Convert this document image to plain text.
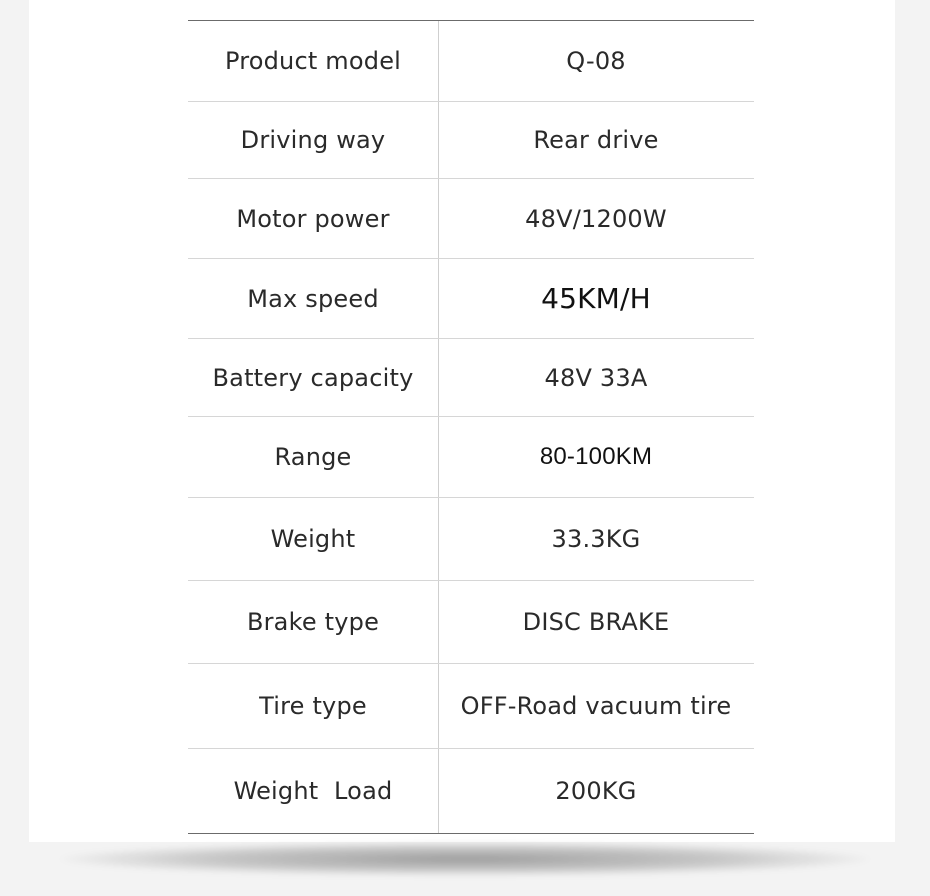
Product model	Q-08
Driving way	Rear drive
Motor power	48V/1200W
Max speed	45KM/H
Battery capacity	48V 33A
Range	80-100KM
Weight	33.3KG
Brake type	DISC BRAKE
Tire type	OFF-Road vacuum tire
Weight  Load	200KG
